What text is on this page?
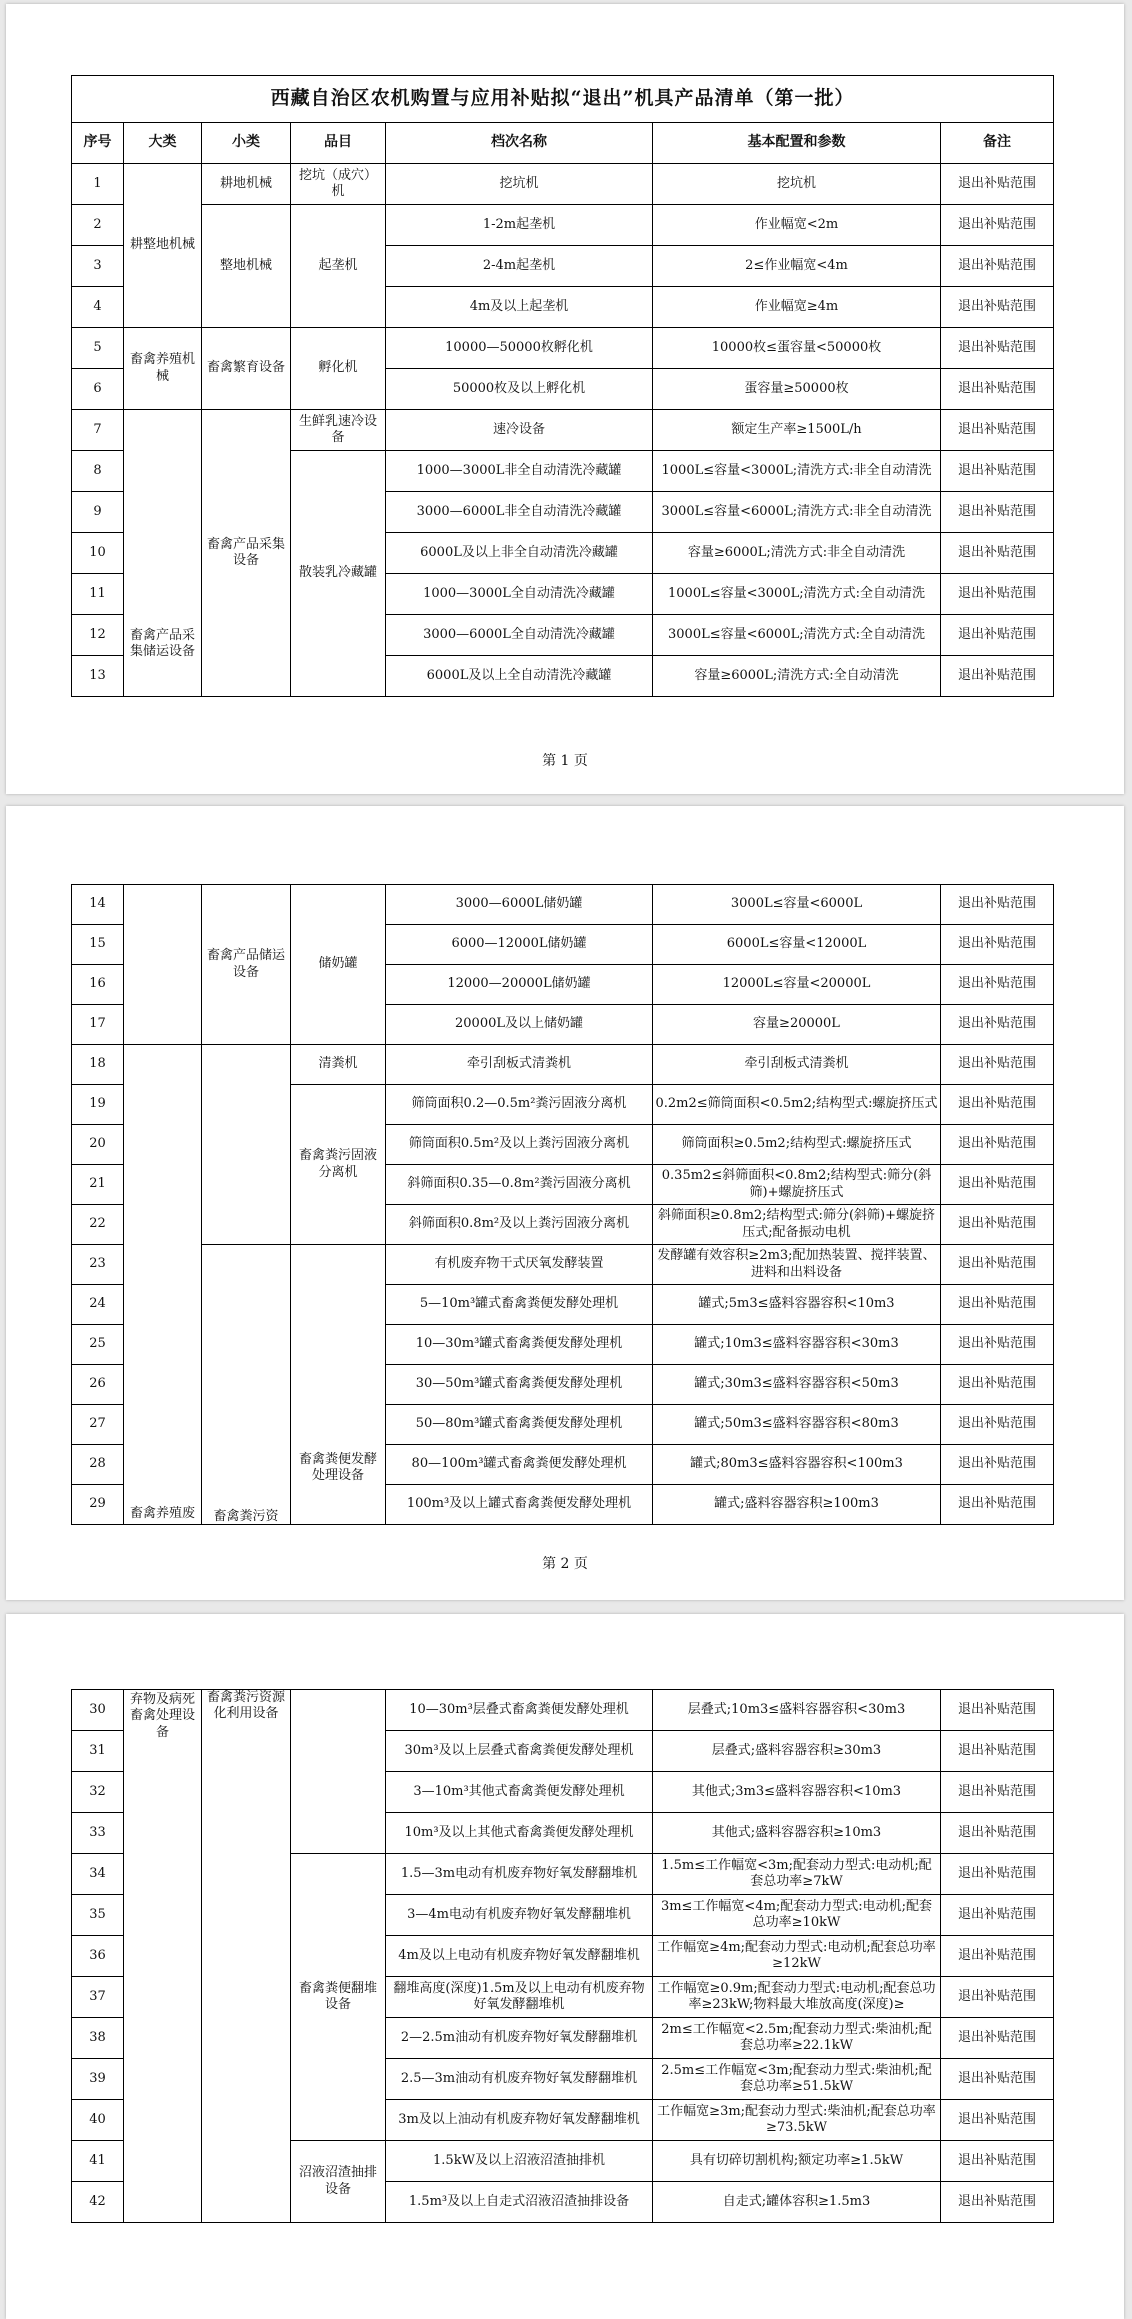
西藏自治区农机购置与应用补贴拟“退出”机具产品清单（第一批）						
序号	大类	小类	品目	档次名称	基本配置和参数	备注
1	耕整地机械	耕地机械	挖坑（成穴）机	挖坑机	挖坑机	退出补贴范围
2		整地机械	起垄机	1-2m起垄机	作业幅宽<2m	退出补贴范围
3				2-4m起垄机	2≤作业幅宽<4m	退出补贴范围
4				4m及以上起垄机	作业幅宽≥4m	退出补贴范围
5	畜禽养殖机械	畜禽繁育设备	孵化机	10000—50000枚孵化机	10000枚≤蛋容量<50000枚	退出补贴范围
6				50000枚及以上孵化机	蛋容量≥50000枚	退出补贴范围
7	畜禽产品采集储运设备	畜禽产品采集设备	生鲜乳速冷设备	速冷设备	额定生产率≥1500L/h	退出补贴范围
8			散装乳冷藏罐	1000—3000L非全自动清洗冷藏罐	1000L≤容量<3000L;清洗方式:非全自动清洗	退出补贴范围
9				3000—6000L非全自动清洗冷藏罐	3000L≤容量<6000L;清洗方式:非全自动清洗	退出补贴范围
10				6000L及以上非全自动清洗冷藏罐	容量≥6000L;清洗方式:非全自动清洗	退出补贴范围
11				1000—3000L全自动清洗冷藏罐	1000L≤容量<3000L;清洗方式:全自动清洗	退出补贴范围
12				3000—6000L全自动清洗冷藏罐	3000L≤容量<6000L;清洗方式:全自动清洗	退出补贴范围
13				6000L及以上全自动清洗冷藏罐	容量≥6000L;清洗方式:全自动清洗	退出补贴范围
第 1 页
14		畜禽产品储运设备	储奶罐	3000—6000L储奶罐	3000L≤容量<6000L	退出补贴范围
15				6000—12000L储奶罐	6000L≤容量<12000L	退出补贴范围
16				12000—20000L储奶罐	12000L≤容量<20000L	退出补贴范围
17				20000L及以上储奶罐	容量≥20000L	退出补贴范围
18	畜禽养殖废		清粪机	牵引刮板式清粪机	牵引刮板式清粪机	退出补贴范围
19			畜禽粪污固液分离机	筛筒面积0.2—0.5m²粪污固液分离机	0.2m2≤筛筒面积<0.5m2;结构型式:螺旋挤压式	退出补贴范围
20				筛筒面积0.5m²及以上粪污固液分离机	筛筒面积≥0.5m2;结构型式:螺旋挤压式	退出补贴范围
21				斜筛面积0.35—0.8m²粪污固液分离机	0.35m2≤斜筛面积<0.8m2;结构型式:筛分(斜筛)+螺旋挤压式	退出补贴范围
22				斜筛面积0.8m²及以上粪污固液分离机	斜筛面积≥0.8m2;结构型式:筛分(斜筛)+螺旋挤压式;配备振动电机	退出补贴范围
23		畜禽粪污资	畜禽粪便发酵处理设备	有机废弃物干式厌氧发酵装置	发酵罐有效容积≥2m3;配加热装置、搅拌装置、进料和出料设备	退出补贴范围
24				5—10m³罐式畜禽粪便发酵处理机	罐式;5m3≤盛料容器容积<10m3	退出补贴范围
25				10—30m³罐式畜禽粪便发酵处理机	罐式;10m3≤盛料容器容积<30m3	退出补贴范围
26				30—50m³罐式畜禽粪便发酵处理机	罐式;30m3≤盛料容器容积<50m3	退出补贴范围
27				50—80m³罐式畜禽粪便发酵处理机	罐式;50m3≤盛料容器容积<80m3	退出补贴范围
28				80—100m³罐式畜禽粪便发酵处理机	罐式;80m3≤盛料容器容积<100m3	退出补贴范围
29				100m³及以上罐式畜禽粪便发酵处理机	罐式;盛料容器容积≥100m3	退出补贴范围
第 2 页
30	弃物及病死畜禽处理设备	畜禽粪污资源化利用设备		10—30m³层叠式畜禽粪便发酵处理机	层叠式;10m3≤盛料容器容积<30m3	退出补贴范围
31				30m³及以上层叠式畜禽粪便发酵处理机	层叠式;盛料容器容积≥30m3	退出补贴范围
32				3—10m³其他式畜禽粪便发酵处理机	其他式;3m3≤盛料容器容积<10m3	退出补贴范围
33				10m³及以上其他式畜禽粪便发酵处理机	其他式;盛料容器容积≥10m3	退出补贴范围
34			畜禽粪便翻堆设备	1.5—3m电动有机废弃物好氧发酵翻堆机	1.5m≤工作幅宽<3m;配套动力型式:电动机;配套总功率≥7kW	退出补贴范围
35				3—4m电动有机废弃物好氧发酵翻堆机	3m≤工作幅宽<4m;配套动力型式:电动机;配套总功率≥10kW	退出补贴范围
36				4m及以上电动有机废弃物好氧发酵翻堆机	工作幅宽≥4m;配套动力型式:电动机;配套总功率≥12kW	退出补贴范围
37				翻堆高度(深度)1.5m及以上电动有机废弃物好氧发酵翻堆机	工作幅宽≥0.9m;配套动力型式:电动机;配套总功率≥23kW;物料最大堆放高度(深度)≥	退出补贴范围
38				2—2.5m油动有机废弃物好氧发酵翻堆机	2m≤工作幅宽<2.5m;配套动力型式:柴油机;配套总功率≥22.1kW	退出补贴范围
39				2.5—3m油动有机废弃物好氧发酵翻堆机	2.5m≤工作幅宽<3m;配套动力型式:柴油机;配套总功率≥51.5kW	退出补贴范围
40				3m及以上油动有机废弃物好氧发酵翻堆机	工作幅宽≥3m;配套动力型式:柴油机;配套总功率≥73.5kW	退出补贴范围
41			沼液沼渣抽排设备	1.5kW及以上沼液沼渣抽排机	具有切碎切割机构;额定功率≥1.5kW	退出补贴范围
42				1.5m³及以上自走式沼液沼渣抽排设备	自走式;罐体容积≥1.5m3	退出补贴范围
